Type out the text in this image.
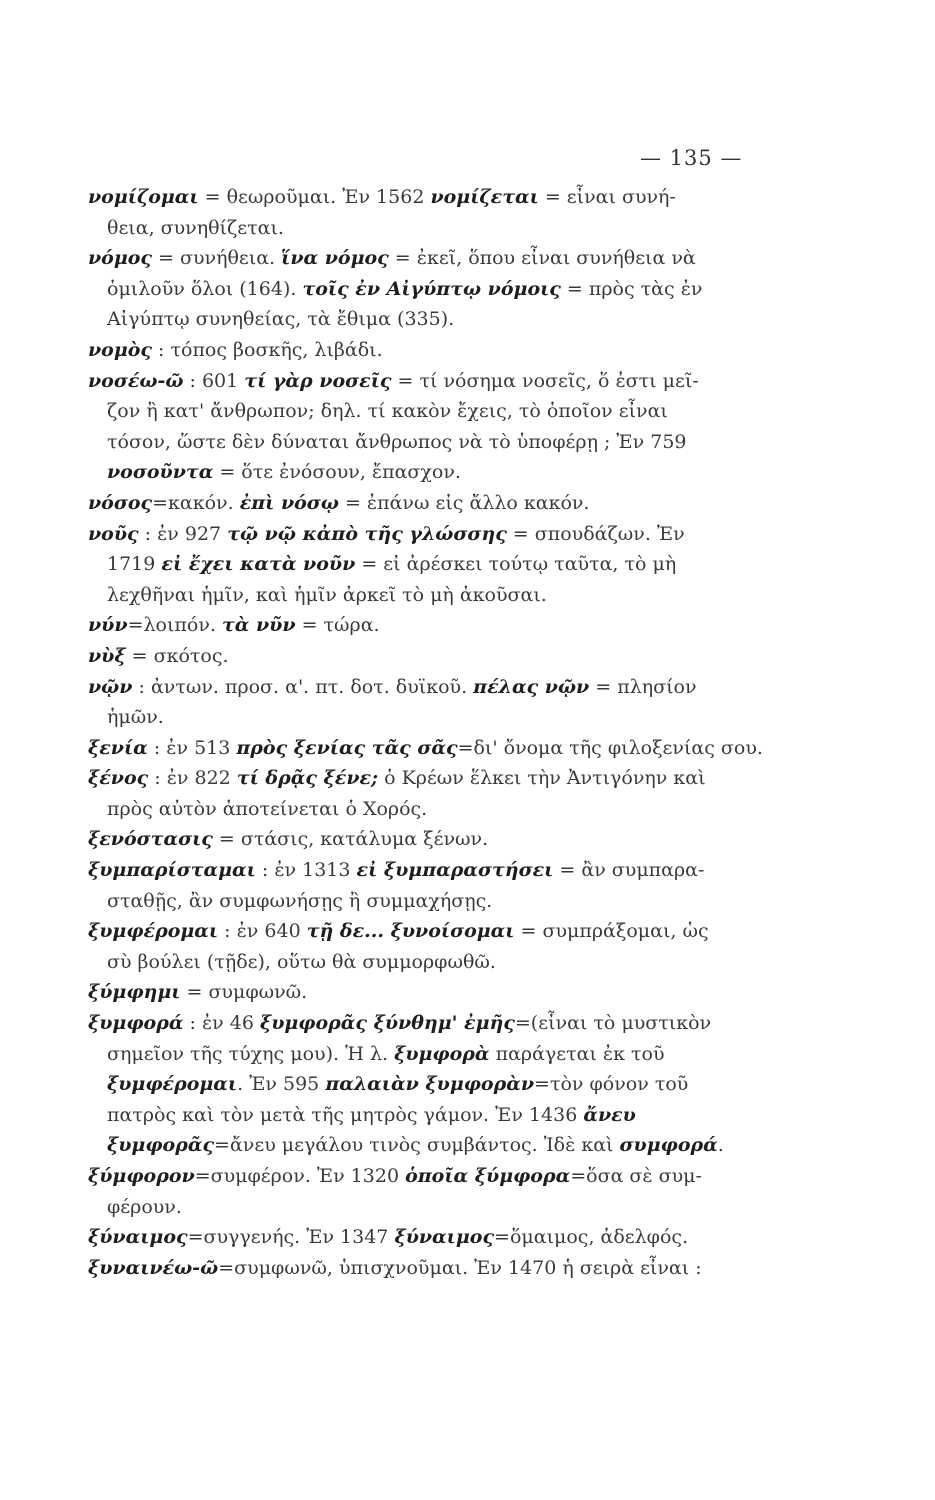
— 135 —
νομίζομαι = θεωροῦμαι. Ἐν 1562 νομίζεται = εἶναι συνή-
θεια, συνηθίζεται.
νόμος = συνήθεια. ἵνα νόμος = ἐκεῖ, ὅπου εἶναι συνήθεια νὰ
ὁμιλοῦν ὅλοι (164). τοῖς ἐν Αἰγύπτῳ νόμοις = πρὸς τὰς ἐν
Αἰγύπτῳ συνηθείας, τὰ ἔθιμα (335).
νομὸς : τόπος βοσκῆς, λιβάδι.
νοσέω-ῶ : 601 τί γὰρ νοσεῖς = τί νόσημα νοσεῖς, ὅ ἐστι μεῖ-
ζον ἢ κατ' ἄνθρωπον; δηλ. τί κακὸν ἔχεις, τὸ ὁποῖον εἶναι
τόσον, ὥστε δὲν δύναται ἄνθρωπος νὰ τὸ ὑποφέρῃ ; Ἐν 759
νοσοῦντα = ὅτε ἐνόσουν, ἔπασχον.
νόσος=κακόν. ἐπὶ νόσῳ = ἐπάνω εἰς ἄλλο κακόν.
νοῦς : ἐν 927 τῷ νῷ κἀπὸ τῆς γλώσσης = σπουδάζων. Ἐν
1719 εἰ ἔχει κατὰ νοῦν = εἰ ἀρέσκει τούτῳ ταῦτα, τὸ μὴ
λεχθῆναι ἡμῖν, καὶ ἡμῖν ἀρκεῖ τὸ μὴ ἀκοῦσαι.
νύν=λοιπόν. τὰ νῦν = τώρα.
νὺξ = σκότος.
νῷν : ἀντων. προσ. α'. πτ. δοτ. δυϊκοῦ. πέλας νῷν = πλησίον
ἡμῶν.
ξενία : ἐν 513 πρὸς ξενίας τᾶς σᾶς=δι' ὄνομα τῆς φιλοξενίας σου.
ξένος : ἐν 822 τί δρᾷς ξένε; ὁ Κρέων ἕλκει τὴν Ἀντιγόνην καὶ
πρὸς αὐτὸν ἀποτείνεται ὁ Χορός.
ξενόστασις = στάσις, κατάλυμα ξένων.
ξυμπαρίσταμαι : ἐν 1313 εἰ ξυμπαραστήσει = ἂν συμπαρα-
σταθῇς, ἂν συμφωνήσῃς ἢ συμμαχήσῃς.
ξυμφέρομαι : ἐν 640 τῇ δε... ξυνοίσομαι = συμπράξομαι, ὡς
σὺ βούλει (τῇδε), οὕτω θὰ συμμορφωθῶ.
ξύμφημι = συμφωνῶ.
ξυμφορά : ἐν 46 ξυμφορᾶς ξύνθημ' ἐμῆς=(εἶναι τὸ μυστικὸν
σημεῖον τῆς τύχης μου). Ἡ λ. ξυμφορὰ παράγεται ἐκ τοῦ
ξυμφέρομαι. Ἐν 595 παλαιὰν ξυμφορὰν=τὸν φόνον τοῦ
πατρὸς καὶ τὸν μετὰ τῆς μητρὸς γάμον. Ἐν 1436 ἄνευ
ξυμφορᾶς=ἄνευ μεγάλου τινὸς συμβάντος. Ἰδὲ καὶ συμφορά.
ξύμφορον=συμφέρον. Ἐν 1320 ὁποῖα ξύμφορα=ὅσα σὲ συμ-
φέρουν.
ξύναιμος=συγγενής. Ἐν 1347 ξύναιμος=ὅμαιμος, ἀδελφός.
ξυναινέω-ῶ=συμφωνῶ, ὑπισχνοῦμαι. Ἐν 1470 ἡ σειρὰ εἶναι :
